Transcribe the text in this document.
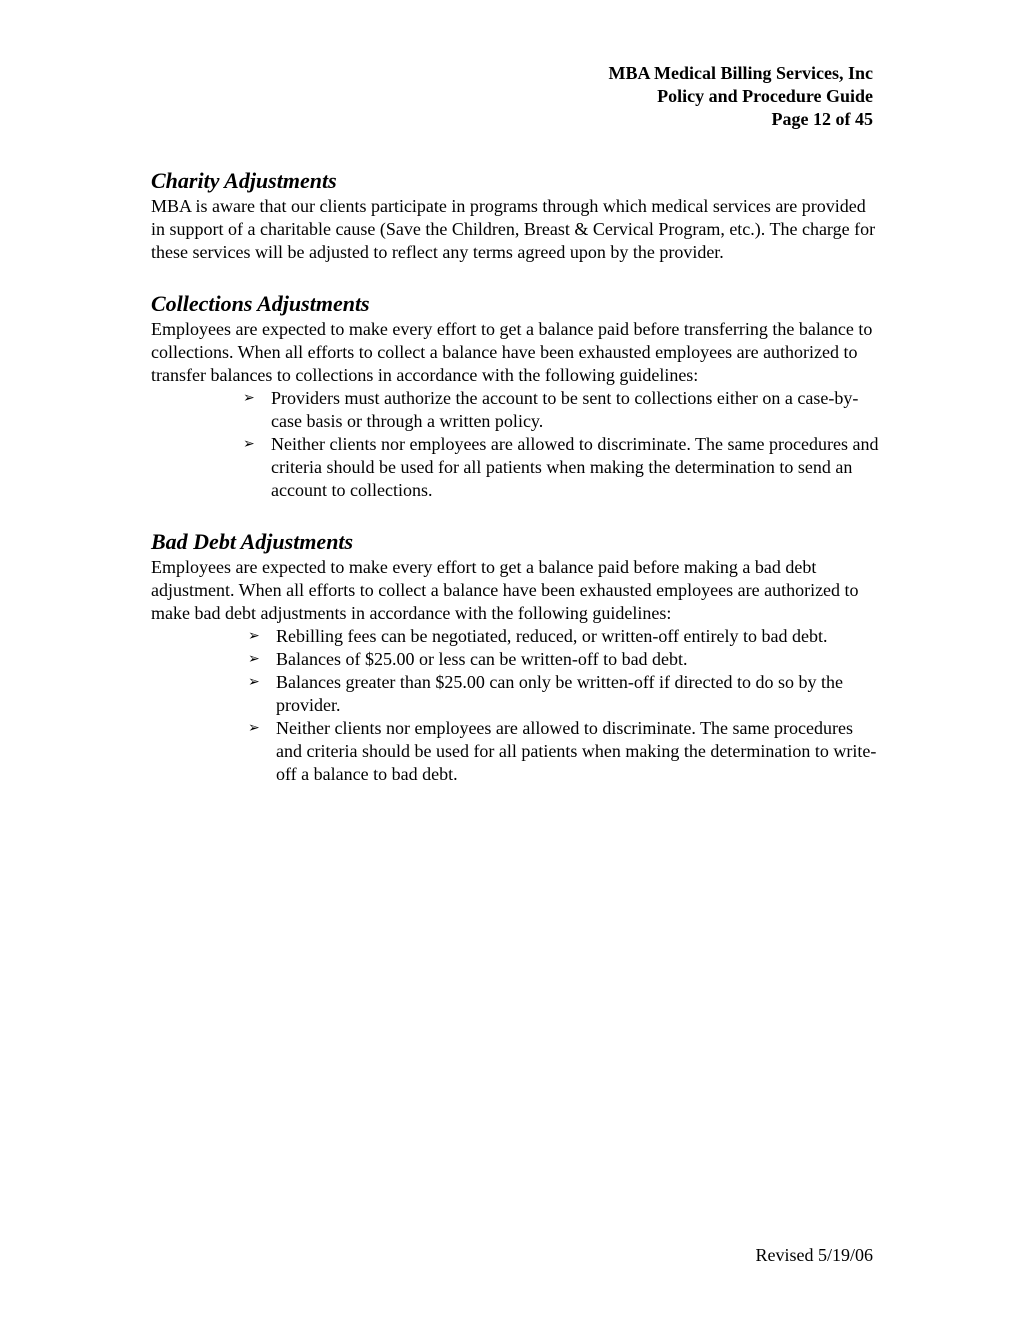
MBA Medical Billing Services, Inc
Policy and Procedure Guide
Page 12 of 45
Charity Adjustments

MBA is aware that our clients participate in programs through which medical services are provided in support of a charitable cause (Save the Children, Breast & Cervical Program, etc.). The charge for these services will be adjusted to reflect any terms agreed upon by the provider.

Collections Adjustments

Employees are expected to make every effort to get a balance paid before transferring the balance to collections. When all efforts to collect a balance have been exhausted employees are authorized to transfer balances to collections in accordance with the following guidelines:

➢ Providers must authorize the account to be sent to collections either on a case-by-case basis or through a written policy.
➢ Neither clients nor employees are allowed to discriminate. The same procedures and criteria should be used for all patients when making the determination to send an account to collections.
Bad Debt Adjustments

Employees are expected to make every effort to get a balance paid before making a bad debt adjustment. When all efforts to collect a balance have been exhausted employees are authorized to make bad debt adjustments in accordance with the following guidelines:

➢ Rebilling fees can be negotiated, reduced, or written-off entirely to bad debt.
➢ Balances of $25.00 or less can be written-off to bad debt.
➢ Balances greater than $25.00 can only be written-off if directed to do so by the provider.
➢ Neither clients nor employees are allowed to discriminate. The same procedures and criteria should be used for all patients when making the determination to write-off a balance to bad debt.
Revised 5/19/06
